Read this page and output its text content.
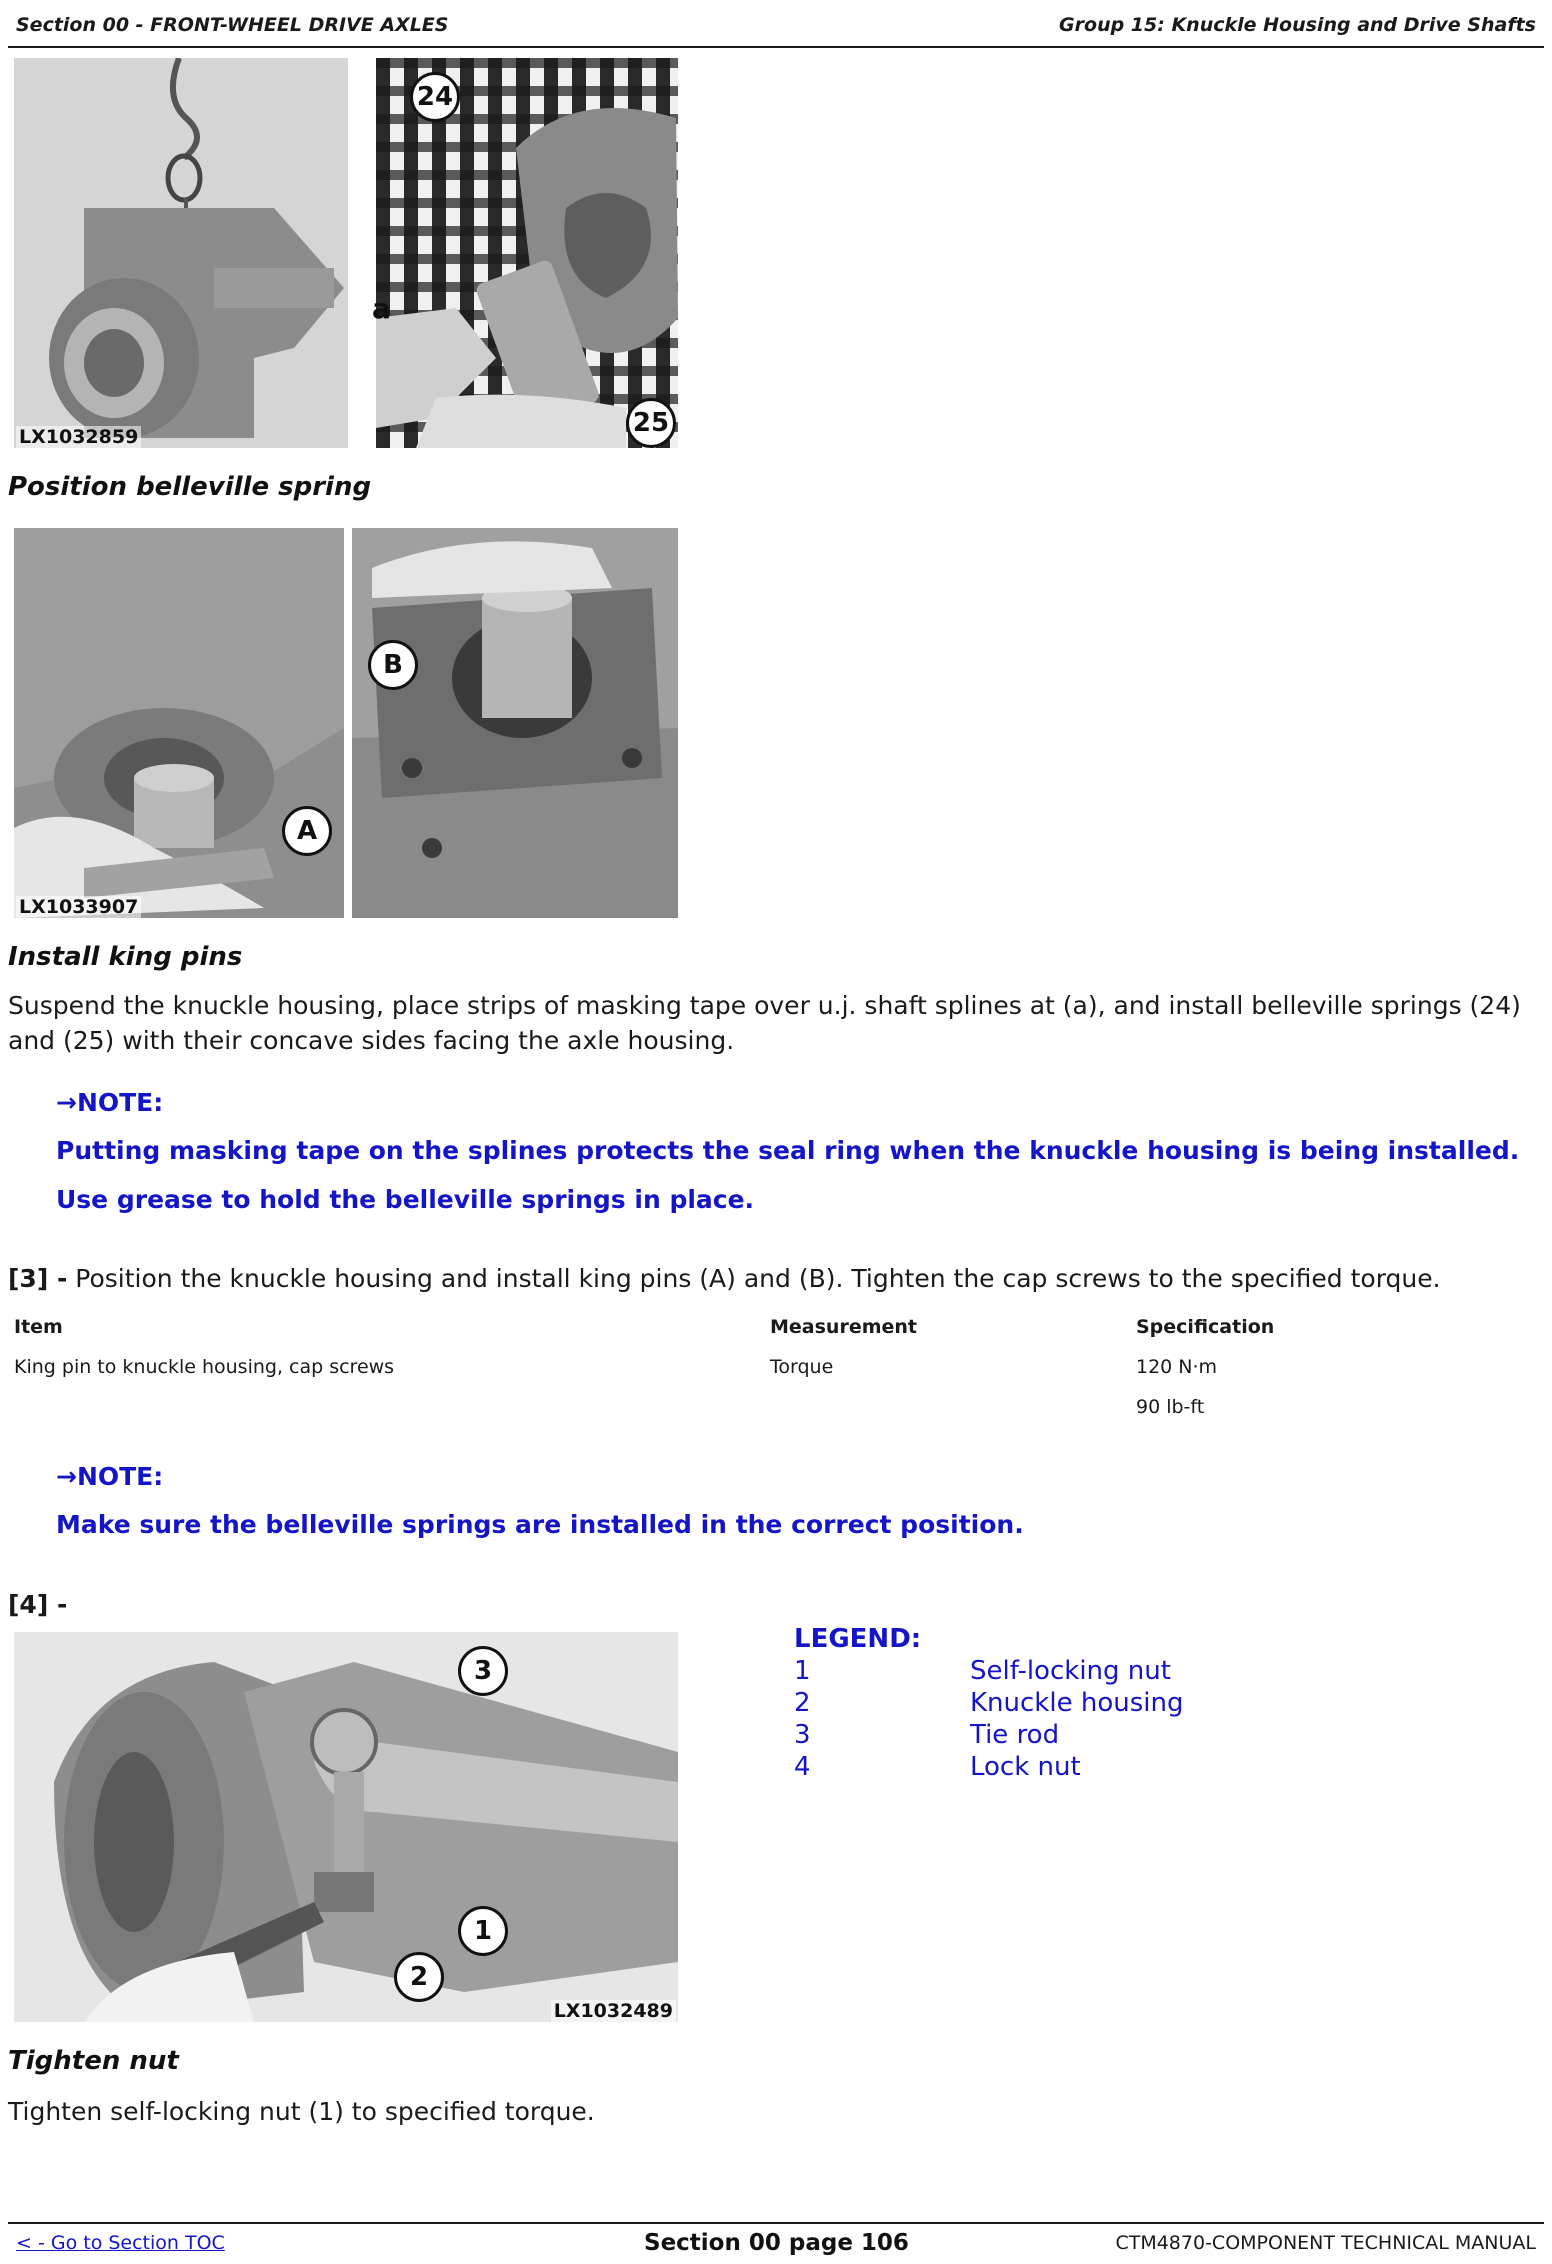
Section 00 - FRONT-WHEEL DRIVE AXLES	Group 15: Knuckle Housing and Drive Shafts
LX1032859
24
a
25
Position belleville spring
LX1033907
B
A
Install king pins
Suspend the knuckle housing, place strips of masking tape over u.j. shaft splines at (a), and install belleville springs (24) and (25) with their concave sides facing the axle housing.
→NOTE:
Putting masking tape on the splines protects the seal ring when the knuckle housing is being installed.
Use grease to hold the belleville springs in place.
[3] - Position the knuckle housing and install king pins (A) and (B). Tighten the cap screws to the specified torque.
Item	Measurement	Specification
King pin to knuckle housing, cap screws	Torque	120 N·m
90 lb-ft
→NOTE:
Make sure the belleville springs are installed in the correct position.
[4] -
3
1
2
LX1032489
LEGEND:
1	Self-locking nut
2	Knuckle housing
3	Tie rod
4	Lock nut
Tighten nut
Tighten self-locking nut (1) to specified torque.
< - Go to Section TOC	Section 00 page 106	CTM4870-COMPONENT TECHNICAL MANUAL
